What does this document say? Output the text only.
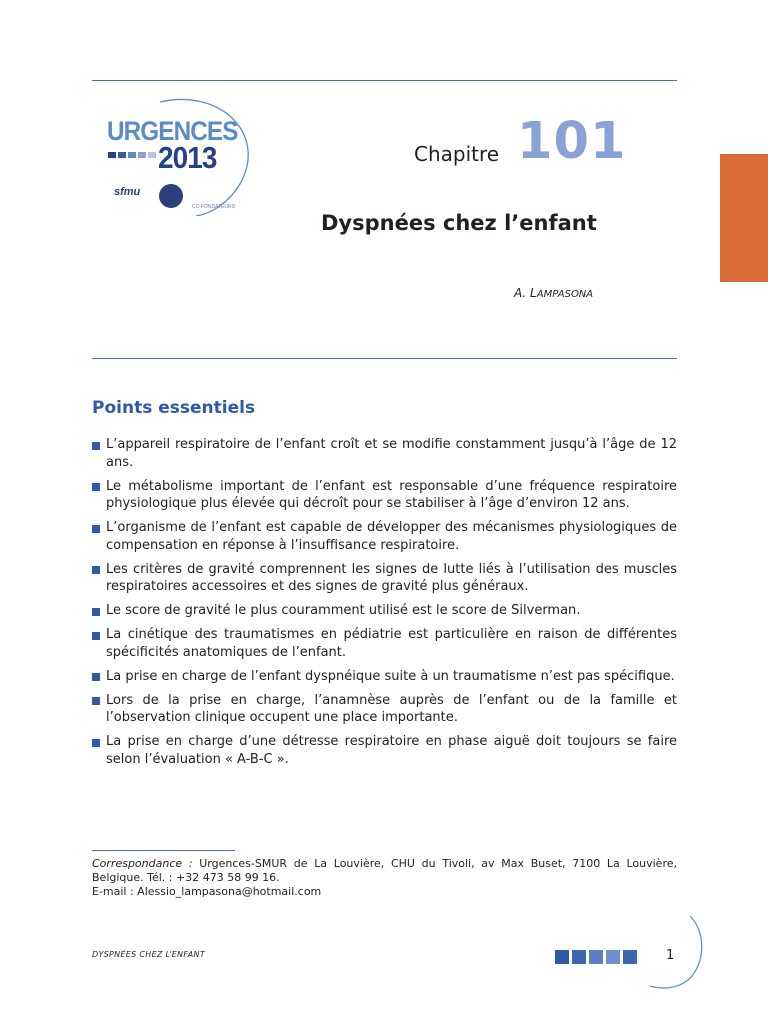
URGENCES
2013
sfmu
CO FONDATEURS
Chapitre 101
Dyspnées chez l’enfant
A. LAMPASONA
Points essentiels
L’appareil respiratoire de l’enfant croît et se modifie constamment jusqu’à l’âge de 12 ans.
Le métabolisme important de l’enfant est responsable d’une fréquence respiratoire physiologique plus élevée qui décroît pour se stabiliser à l’âge d’environ 12 ans.
L’organisme de l’enfant est capable de développer des mécanismes physiologiques de compensation en réponse à l’insuffisance respiratoire.
Les critères de gravité comprennent les signes de lutte liés à l’utilisation des muscles respiratoires accessoires et des signes de gravité plus généraux.
Le score de gravité le plus couramment utilisé est le score de Silverman.
La cinétique des traumatismes en pédiatrie est particulière en raison de différentes spécificités anatomiques de l’enfant.
La prise en charge de l’enfant dyspnéique suite à un traumatisme n’est pas spécifique.
Lors de la prise en charge, l’anamnèse auprès de l’enfant ou de la famille et l’observation clinique occupent une place importante.
La prise en charge d’une détresse respiratoire en phase aiguë doit toujours se faire selon l’évaluation « A-B-C ».
Correspondance : Urgences-SMUR de La Louvière, CHU du Tivoli, av Max Buset, 7100 La Louvière, Belgique. Tél. : +32 473 58 99 16.
E-mail : Alessio_lampasona@hotmail.com
DYSPNÉES CHEZ L’ENFANT	1
